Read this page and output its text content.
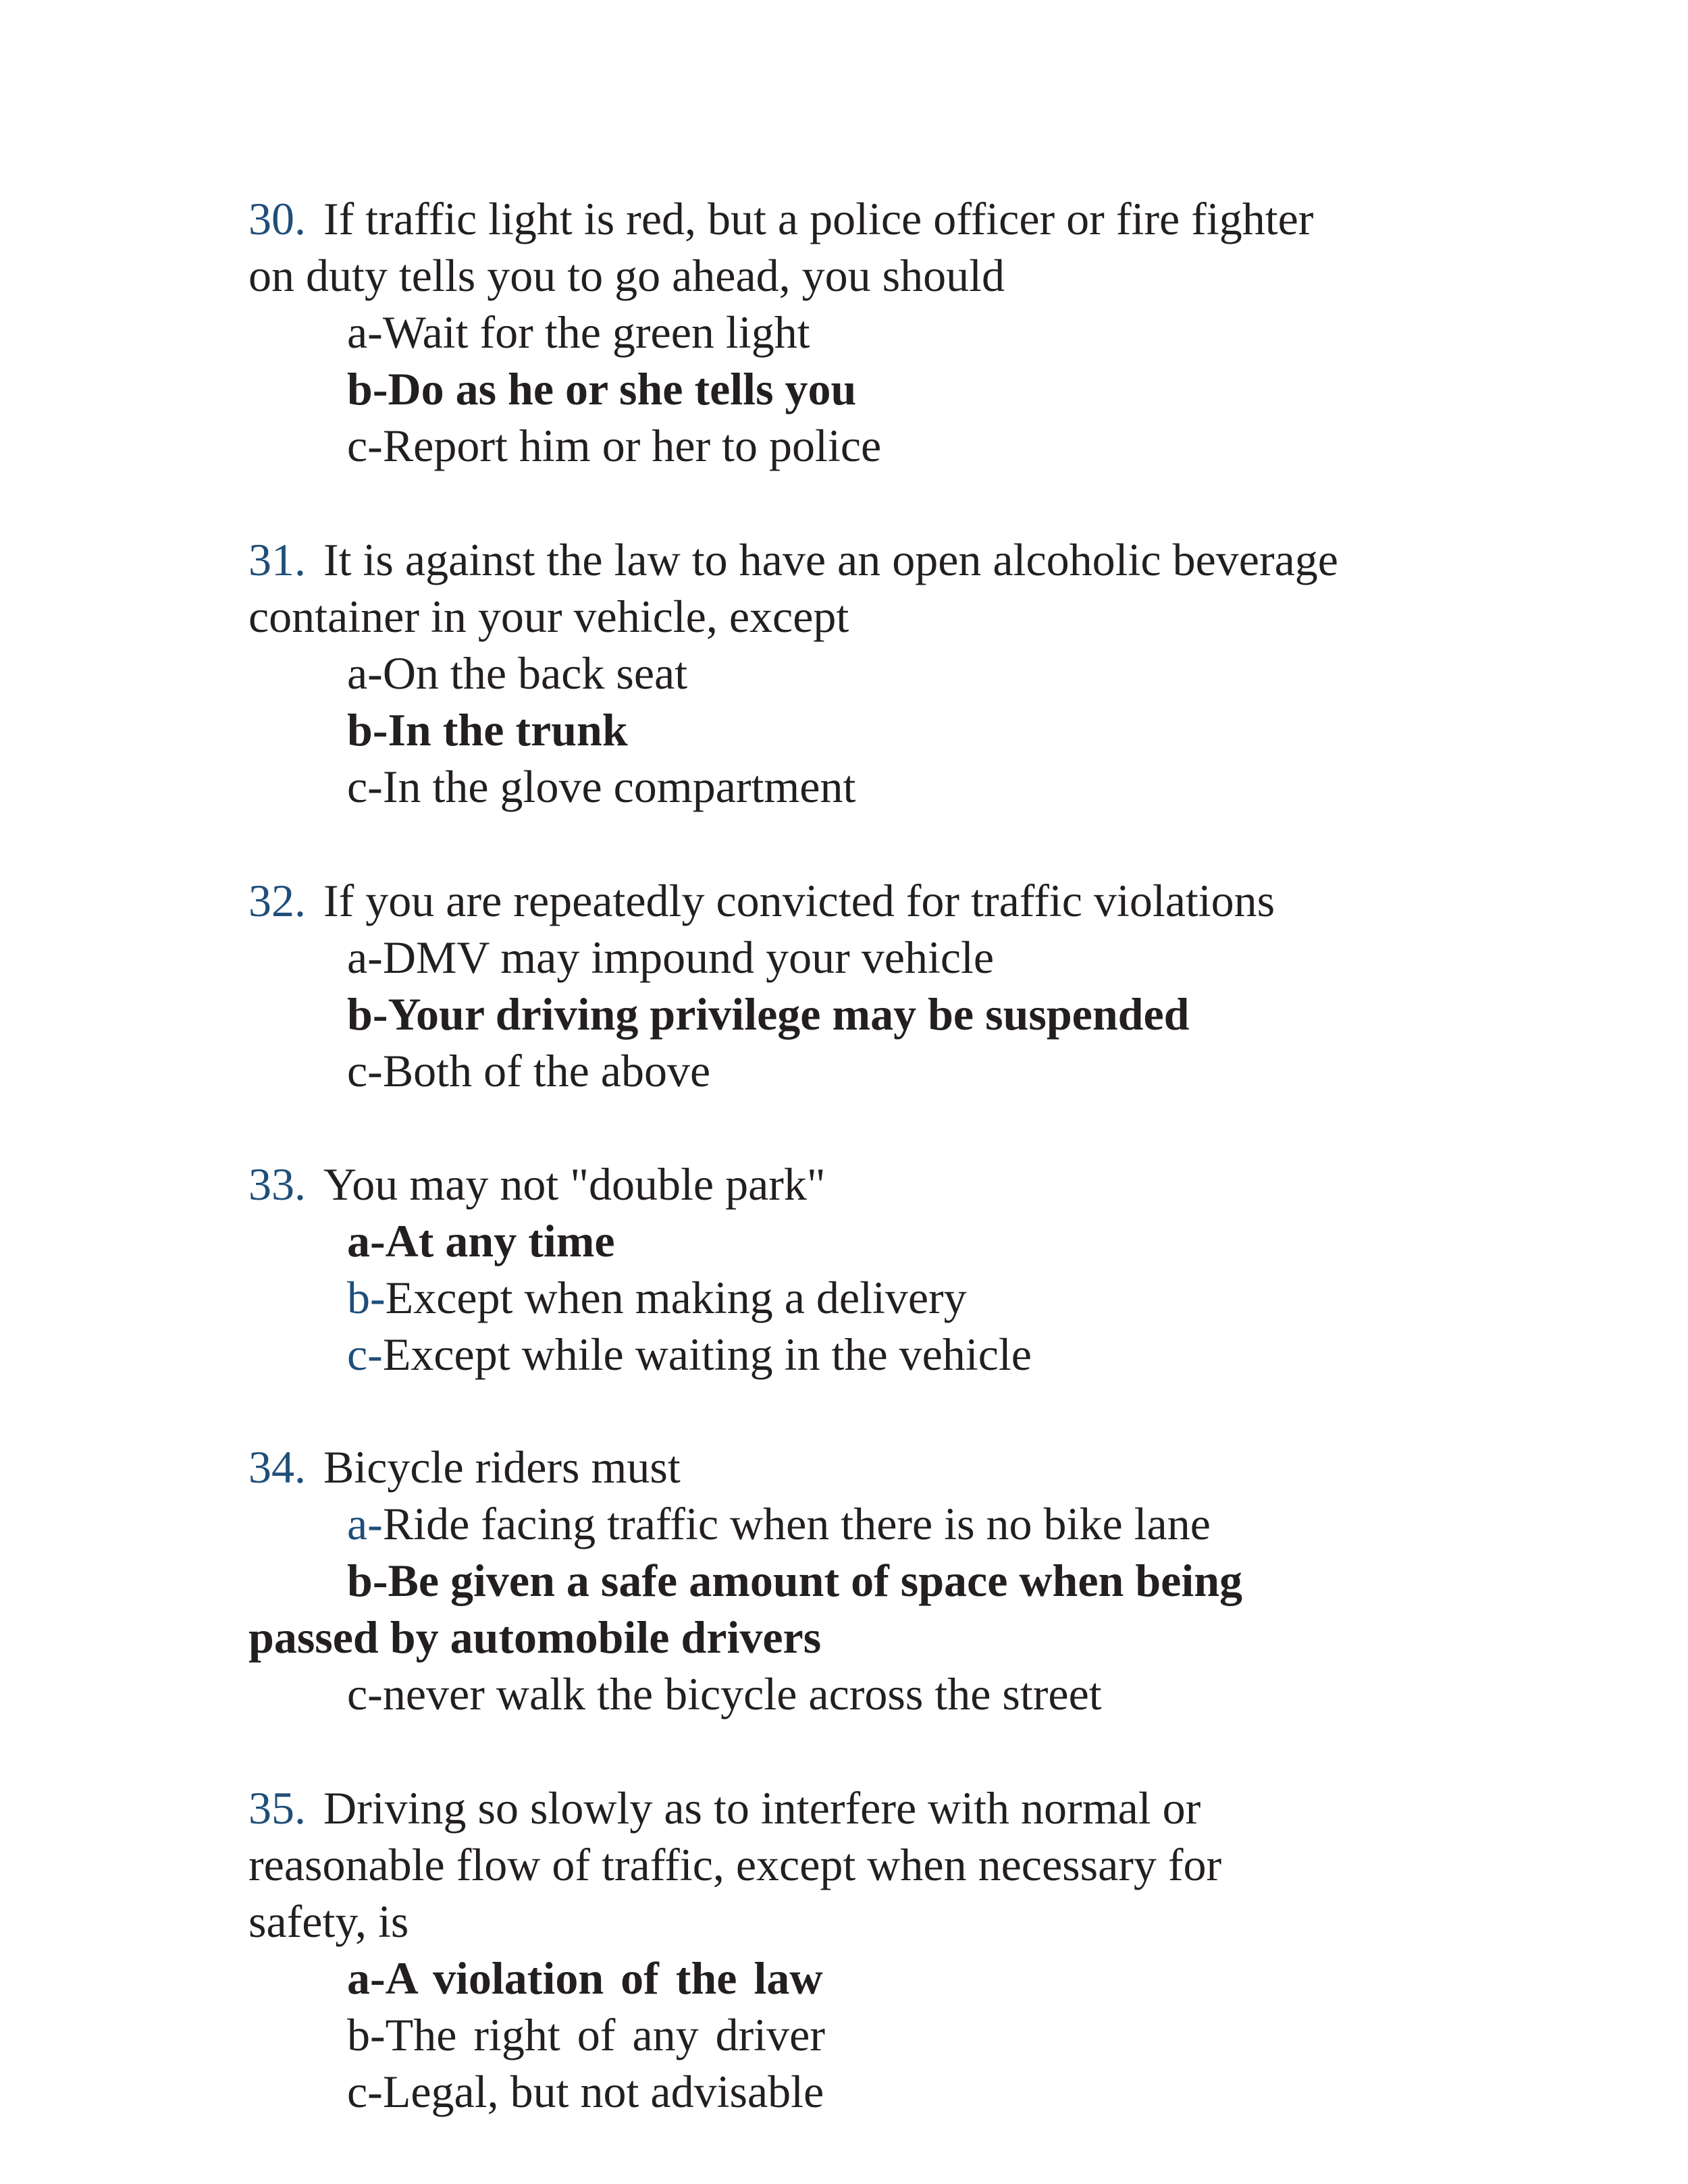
30. If traffic light is red, but a police officer or fire fighter
on duty tells you to go ahead, you should
a-Wait for the green light
b-Do as he or she tells you
c-Report him or her to police
31. It is against the law to have an open alcoholic beverage
container in your vehicle, except
a-On the back seat
b-In the trunk
c-In the glove compartment
32. If you are repeatedly convicted for traffic violations
a-DMV may impound your vehicle
b-Your driving privilege may be suspended
c-Both of the above
33. You may not "double park"
a-At any time
b-Except when making a delivery
c-Except while waiting in the vehicle
34. Bicycle riders must
a-Ride facing traffic when there is no bike lane
b-Be given a safe amount of space when being
passed by automobile drivers
c-never walk the bicycle across the street
35. Driving so slowly as to interfere with normal or
reasonable flow of traffic, except when necessary for
safety, is
a-A violation of the law
b-The right of any driver
c-Legal, but not advisable
